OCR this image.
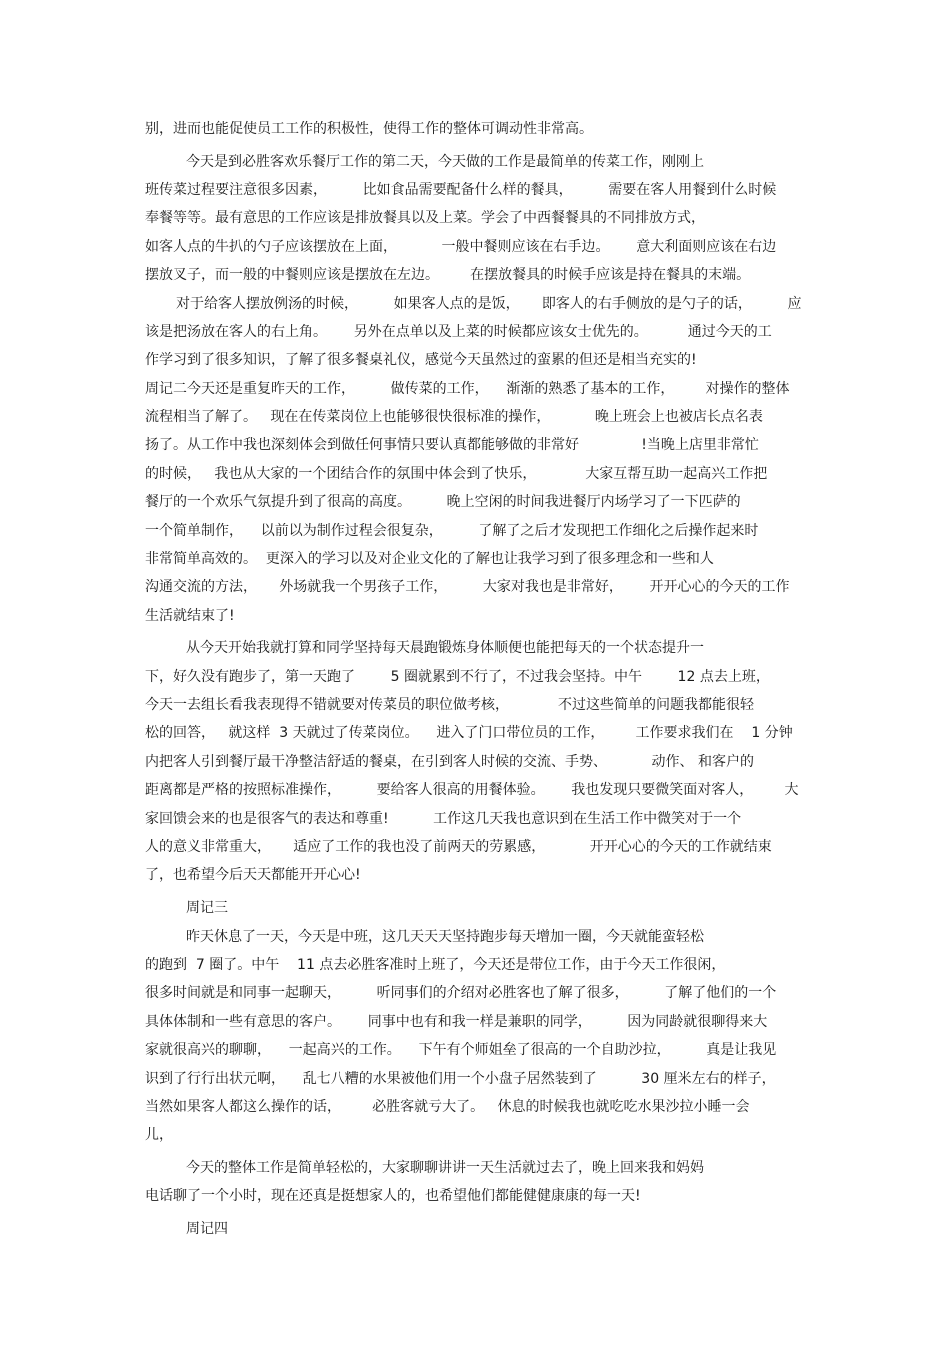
别，进而也能促使员工工作的积极性，使得工作的整体可调动性非常高。
今天是到必胜客欢乐餐厅工作的第二天，今天做的工作是最简单的传菜工作，刚刚上
班传菜过程要注意很多因素，        比如食品需要配备什么样的餐具，        需要在客人用餐到什么时候
奉餐等等。最有意思的工作应该是排放餐具以及上菜。学会了中西餐餐具的不同排放方式，
如客人点的牛扒的勺子应该摆放在上面，          一般中餐则应该在右手边。      意大利面则应该在右边
摆放叉子，而一般的中餐则应该是摆放在左边。       在摆放餐具的时候手应该是持在餐具的末端。
对于给客人摆放例汤的时候，        如果客人点的是饭，     即客人的右手侧放的是勺子的话，        应
该是把汤放在客人的右上角。      另外在点单以及上菜的时候都应该女士优先的。         通过今天的工
作学习到了很多知识，了解了很多餐桌礼仪，感觉今天虽然过的蛮累的但还是相当充实的!
周记二今天还是重复昨天的工作，        做传菜的工作，    渐渐的熟悉了基本的工作，       对操作的整体
流程相当了解了。   现在在传菜岗位上也能够很快很标准的操作，          晚上班会上也被店长点名表
扬了。从工作中我也深刻体会到做任何事情只要认真都能够做的非常好              !当晚上店里非常忙
的时候，   我也从大家的一个团结合作的氛围中体会到了快乐，           大家互帮互助一起高兴工作把
餐厅的一个欢乐气氛提升到了很高的高度。        晚上空闲的时间我进餐厅内场学习了一下匹萨的
一个简单制作，    以前以为制作过程会很复杂，        了解了之后才发现把工作细化之后操作起来时
非常简单高效的。  更深入的学习以及对企业文化的了解也让我学习到了很多理念和一些和人
沟通交流的方法，     外场就我一个男孩子工作，        大家对我也是非常好，      开开心心的今天的工作
生活就结束了!
从今天开始我就打算和同学坚持每天晨跑锻炼身体顺便也能把每天的一个状态提升一
下，好久没有跑步了，第一天跑了        5 圈就累到不行了，不过我会坚持。中午        12 点去上班，
今天一去组长看我表现得不错就要对传菜员的职位做考核，           不过这些简单的问题我都能很轻
松的回答，   就这样  3 天就过了传菜岗位。    进入了门口带位员的工作，       工作要求我们在    1 分钟
内把客人引到餐厅最干净整洁舒适的餐桌，在引到客人时候的交流、手势、          动作、 和客户的
距离都是严格的按照标准操作，        要给客人很高的用餐体验。      我也发现只要微笑面对客人，       大
家回馈会来的也是很客气的表达和尊重!          工作这几天我也意识到在生活工作中微笑对于一个
人的意义非常重大，     适应了工作的我也没了前两天的劳累感，          开开心心的今天的工作就结束
了，也希望今后天天都能开开心心!
周记三
昨天休息了一天，今天是中班，这几天天天坚持跑步每天增加一圈，今天就能蛮轻松
的跑到  7 圈了。中午    11 点去必胜客准时上班了，今天还是带位工作，由于今天工作很闲，
很多时间就是和同事一起聊天，        听同事们的介绍对必胜客也了解了很多，        了解了他们的一个
具体体制和一些有意思的客户。      同事中也有和我一样是兼职的同学，        因为同龄就很聊得来大
家就很高兴的聊聊，    一起高兴的工作。    下午有个师姐垒了很高的一个自助沙拉，        真是让我见
识到了行行出状元啊，    乱七八糟的水果被他们用一个小盘子居然装到了          30 厘米左右的样子，
当然如果客人都这么操作的话，       必胜客就亏大了。   休息的时候我也就吃吃水果沙拉小睡一会
儿，
今天的整体工作是简单轻松的，大家聊聊讲讲一天生活就过去了，晚上回来我和妈妈
电话聊了一个小时，现在还真是挺想家人的，也希望他们都能健健康康的每一天!
周记四
